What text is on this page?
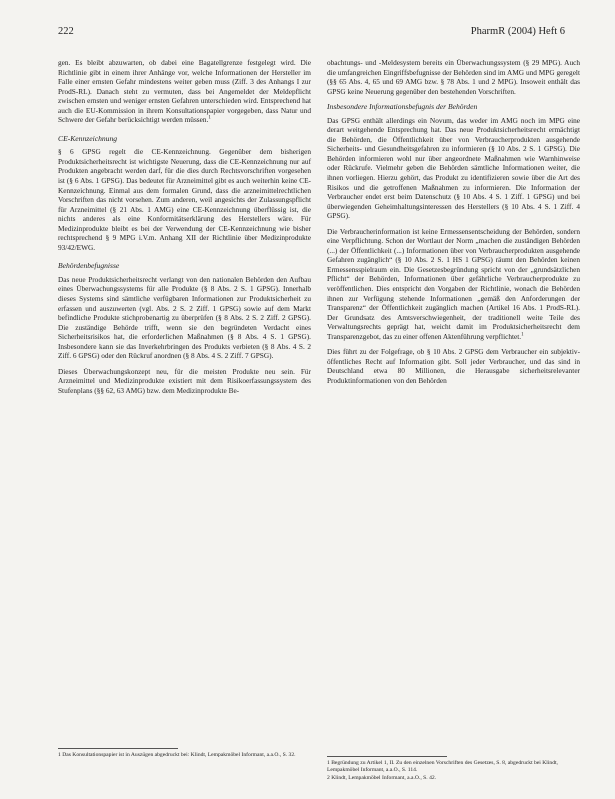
222	PharmR (2004) Heft 6

gen. Es bleibt abzuwarten, ob dabei eine Bagatellgrenze festgelegt wird. Die Richtlinie gibt in einem ihrer Anhänge vor, welche Informationen der Hersteller im Falle einer ernsten Gefahr mindestens weiter geben muss (Ziff. 3 des Anhangs I zur ProdS-RL). Danach steht zu vermuten, dass bei Angemeldet der Meldepflicht zwischen ernsten und weniger ernsten Gefahren unterschieden wird. Entsprechend hat auch die EU-Kommission in ihrem Konsultationspapier vorgegeben, dass Natur und Schwere der Gefahr berücksichtigt werden müssen.$^1$

CE-Kennzeichnung

§ 6 GPSG regelt die CE-Kennzeichnung. Gegenüber dem bisherigen Produktsicherheitsrecht ist wichtigste Neuerung, dass die CE-Kennzeichnung nur auf Produkten angebracht werden darf, für die dies durch Rechtsvorschriften vorgesehen ist (§ 6 Abs. 1 GPSG). Das bedeutet für Arzneimittel gibt es auch weiterhin keine CE-Kennzeichnung. Einmal aus dem formalen Grund, dass die arzneimittelrechtlichen Vorschriften das nicht vorsehen. Zum anderen, weil angesichts der Zulassungspflicht für Arzneimittel (§ 21 Abs. 1 AMG) eine CE-Kennzeichnung überflüssig ist, die nichts anderes als eine Konformitätserklärung des Herstellers wäre. Für Medizinprodukte bleibt es bei der Verwendung der CE-Kennzeichnung wie bisher rechtsprechend § 9 MPG i.V.m. Anhang XII der Richtlinie über Medizinprodukte 93/42/EWG.

Behördenbefugnisse

Das neue Produktsicherheitsrecht verlangt von den nationalen Behörden den Aufbau eines Überwachungssystems für alle Produkte (§ 8 Abs. 2 S. 1 GPSG). Innerhalb dieses Systems sind sämtliche verfügbaren Informationen zur Produktsicherheit zu erfassen und auszuwerten (vgl. Abs. 2 S. 2 Ziff. 1 GPSG) sowie auf dem Markt befindliche Produkte stichprobenartig zu überprüfen (§ 8 Abs. 2 S. 2 Ziff. 2 GPSG). Die zuständige Behörde trifft, wenn sie den begründeten Verdacht eines Sicherheitsrisikos hat, die erforderlichen Maßnahmen (§ 8 Abs. 4 S. 1 GPSG). Insbesondere kann sie das Inverkehrbringen des Produkts verbieten (§ 8 Abs. 4 S. 2 Ziff. 6 GPSG) oder den Rückruf anordnen (§ 8 Abs. 4 S. 2 Ziff. 7 GPSG).

Dieses Überwachungskonzept neu, für die meisten Produkte neu sein. Für Arzneimittel und Medizinprodukte existiert mit dem Risikoerfassungssystem des Stufenplans (§§ 62, 63 AMG) bzw. dem Medizinprodukte Be-

obachtungs- und -Meldesystem bereits ein Überwachungssystem (§ 29 MPG). Auch die umfangreichen Eingriffsbefugnisse der Behörden sind im AMG und MPG geregelt (§§ 65 Abs. 4, 65 und 69 AMG bzw. § 78 Abs. 1 und 2 MPG). Insoweit enthält das GPSG keine Neuerung gegenüber den bestehenden Vorschriften.

Insbesondere Informationsbefugnis der Behörden

Das GPSG enthält allerdings ein Novum, das weder im AMG noch im MPG eine derart weitgehende Entsprechung hat. Das neue Produktsicherheitsrecht ermächtigt die Behörden, die Öffentlichkeit über von Verbraucherprodukten ausgehende Sicherheits- und Gesundheitsgefahren zu informieren (§ 10 Abs. 2 S. 1 GPSG). Die Behörden informieren wohl nur über angeordnete Maßnahmen wie Warnhinweise oder Rückrufe. Vielmehr geben die Behörden sämtliche Informationen weiter, die ihnen vorliegen. Hierzu gehört, das Produkt zu identifizieren sowie über die Art des Risikos und die getroffenen Maßnahmen zu informieren. Die Information der Verbraucher endet erst beim Datenschutz (§ 10 Abs. 4 S. 1 Ziff. 1 GPSG) und bei überwiegenden Geheimhaltungsinteressen des Herstellers (§ 10 Abs. 4 S. 1 Ziff. 4 GPSG).

Die Verbraucherinformation ist keine Ermessensentscheidung der Behörden, sondern eine Verpflichtung. Schon der Wortlaut der Norm „machen die zuständigen Behörden (...) der Öffentlichkeit (...) Informationen über von Verbraucherprodukten ausgehende Gefahren zugänglich“ (§ 10 Abs. 2 S. 1 HS 1 GPSG) räumt den Behörden keinen Ermessensspielraum ein. Die Gesetzesbegründung spricht von der „grundsätzlichen Pflicht“ der Behörden, Informationen über gefährliche Verbraucherprodukte zu veröffentlichen. Dies entspricht den Vorgaben der Richtlinie, wonach die Behörden ihnen zur Verfügung stehende Informationen „gemäß den Anforderungen der Transparenz“ der Öffentlichkeit zugänglich machen (Artikel 16 Abs. 1 ProdS-RL). Der Grundsatz des Amtsverschwiegenheit, der traditionell weite Teile des Verwaltungsrechts geprägt hat, weicht damit im Produktsicherheitsrecht dem Transparenzgebot, das zu einer offenen Aktenführung verpflichtet.$^1$

Dies führt zu der Folgefrage, ob § 10 Abs. 2 GPSG dem Verbraucher ein subjektiv-öffentliches Recht auf Information gibt. Soll jeder Verbraucher, und das sind in Deutschland etwa 80 Millionen, die Herausgabe sicherheitsrelevanter Produktinformationen von den Behörden

1 Das Konsultationspapier ist in Auszügen abgedruckt bei: Klindt, Lempakmöbel Informant, a.a.O., S. 32.
1 Begründung zu Artikel 1, II. Zu den einzelnen Vorschriften des Gesetzes, S. 8, abgedruckt bei Klindt, Lempakmöbel Informant, a.a.O., S. 114.
2 Klindt, Lempakmöbel Informant, a.a.O., S. 42.
